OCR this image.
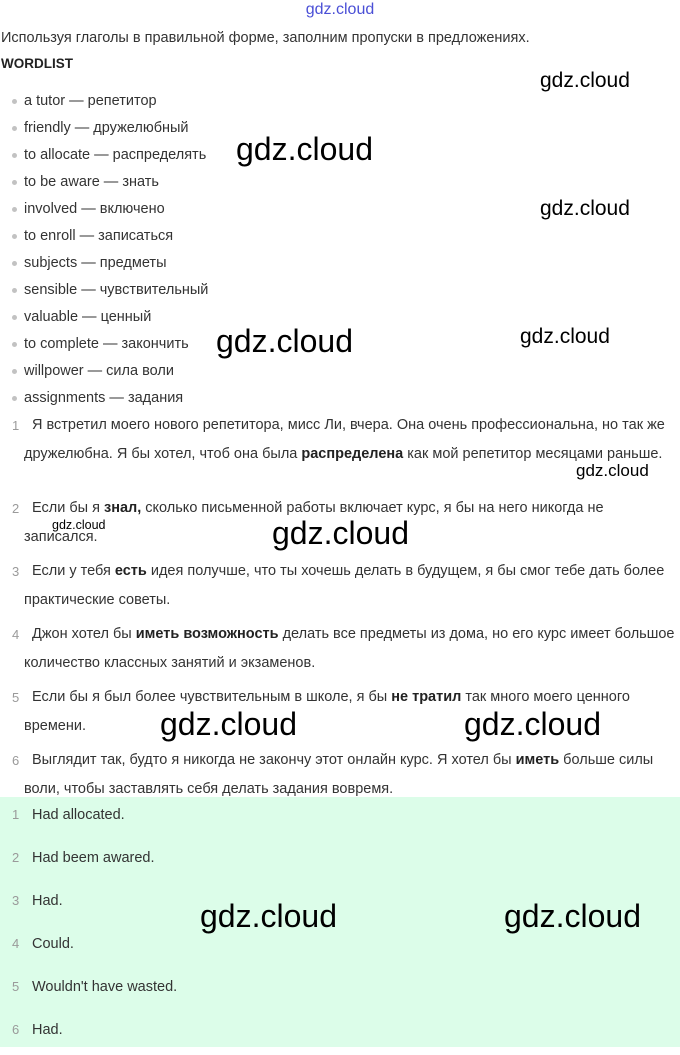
gdz.cloud
Используя глаголы в правильной форме, заполним пропуски в предложениях.
WORDLIST
a tutor — репетитор
friendly — дружелюбный
to allocate — распределять
to be aware — знать
involved — включено
to enroll — записаться
subjects — предметы
sensible — чувствительный
valuable — ценный
to complete — закончить
willpower — сила воли
assignments — задания
1 Я встретил моего нового репетитора, мисс Ли, вчера. Она очень профессиональна, но так же дружелюбна. Я бы хотел, чтоб она была распределена как мой репетитор месяцами раньше.
2 Если бы я знал, сколько письменной работы включает курс, я бы на него никогда не записался.
3 Если у тебя есть идея получше, что ты хочешь делать в будущем, я бы смог тебе дать более практические советы.
4 Джон хотел бы иметь возможность делать все предметы из дома, но его курс имеет большое количество классных занятий и экзаменов.
5 Если бы я был более чувствительным в школе, я бы не тратил так много моего ценного времени.
6 Выглядит так, будто я никогда не закончу этот онлайн курс. Я хотел бы иметь больше силы воли, чтобы заставлять себя делать задания вовремя.
1 Had allocated.
2 Had beem awared.
3 Had.
4 Could.
5 Wouldn't have wasted.
6 Had.
gdz.cloud
gdz.cloud
gdz.cloud
gdz.cloud	gdz.cloud
gdz.cloud
gdz.cloud	gdz.cloud
gdz.cloud	gdz.cloud
gdz.cloud	gdz.cloud
